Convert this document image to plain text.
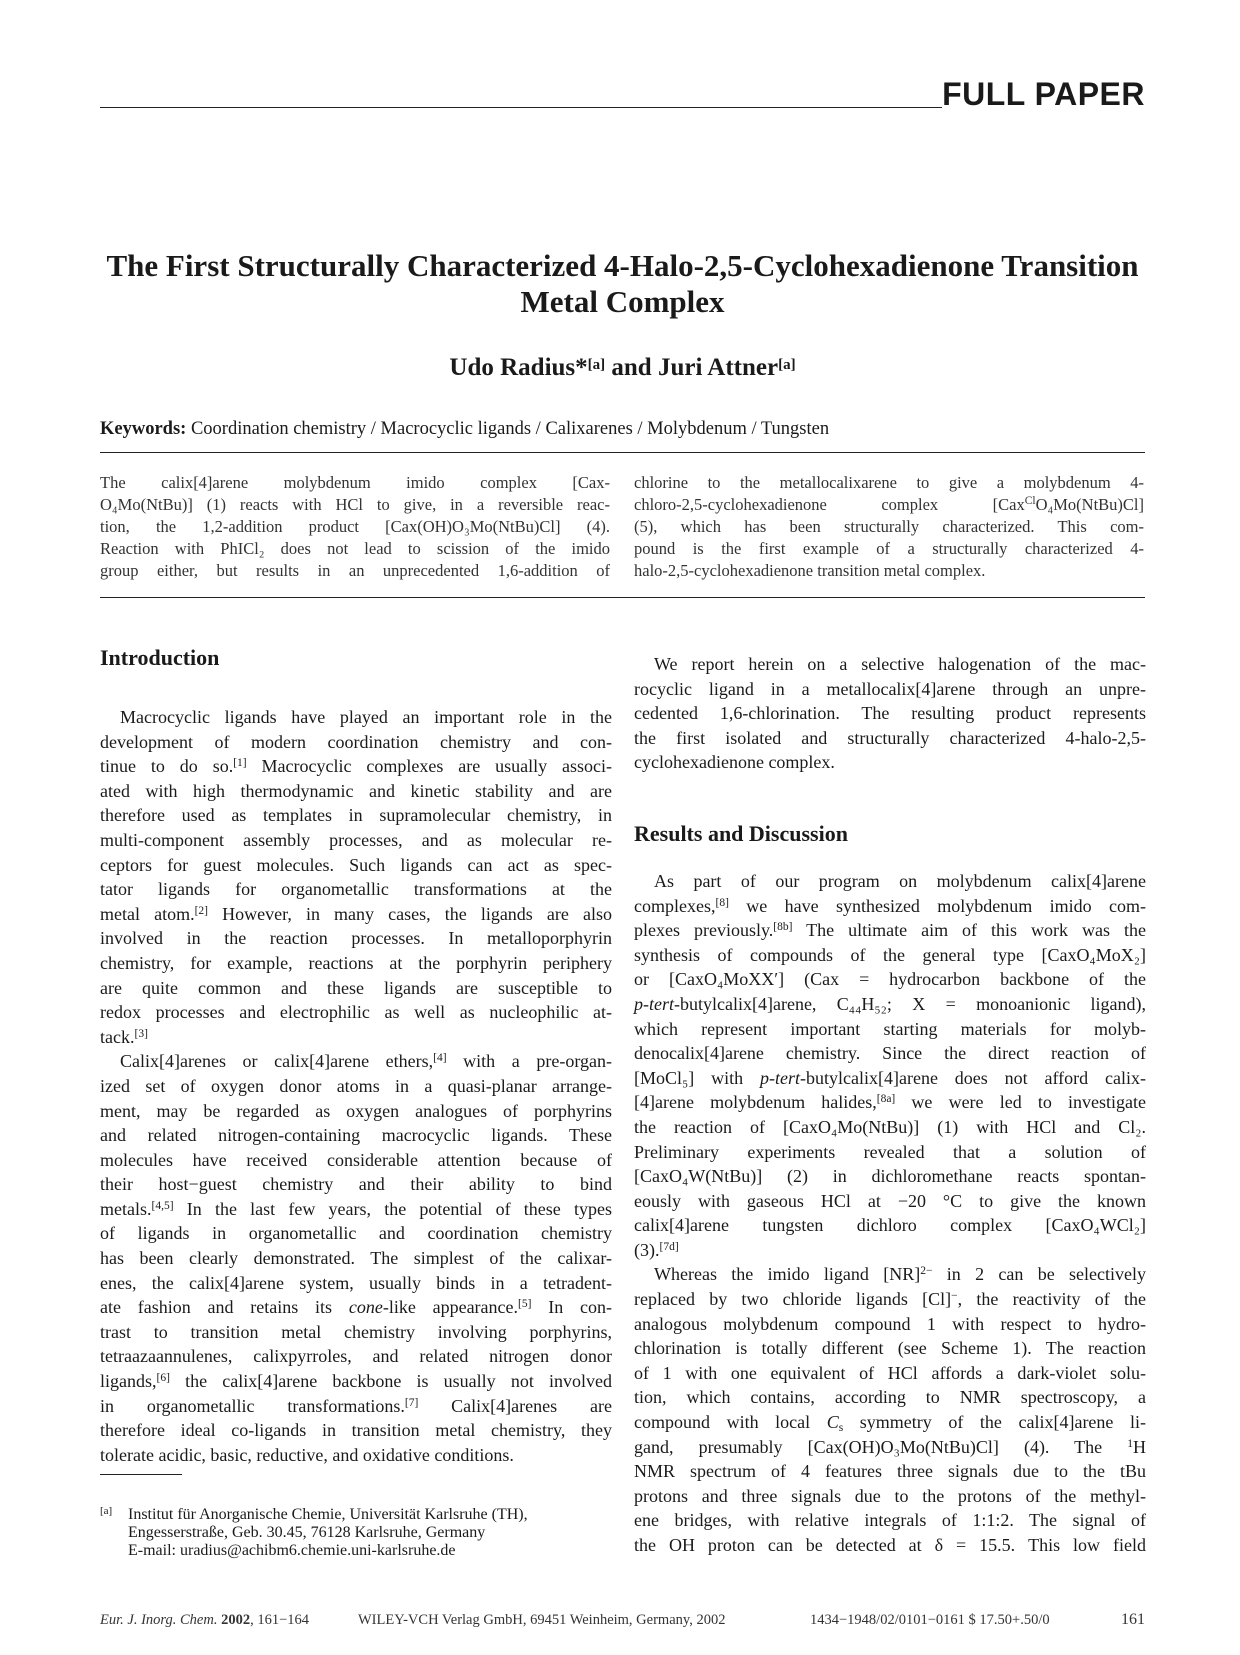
FULL PAPER
The First Structurally Characterized 4-Halo-2,5-Cyclohexadienone Transition Metal Complex
Udo Radius*[a] and Juri Attner[a]
Keywords: Coordination chemistry / Macrocyclic ligands / Calixarenes / Molybdenum / Tungsten
The calix[4]arene molybdenum imido complex [Cax-
O₄Mo(NtBu)] (1) reacts with HCl to give, in a reversible reac-
tion, the 1,2-addition product [Cax(OH)O₃Mo(NtBu)Cl] (4).
Reaction with PhICl₂ does not lead to scission of the imido
group either, but results in an unprecedented 1,6-addition of
chlorine to the metallocalixarene to give a molybdenum 4-
chloro-2,5-cyclohexadienone complex [Cax$^{Cl}$O₄Mo(NtBu)Cl]
(5), which has been structurally characterized. This com-
pound is the first example of a structurally characterized 4-
halo-2,5-cyclohexadienone transition metal complex.
Introduction
Macrocyclic ligands have played an important role in the
development of modern coordination chemistry and con-
tinue to do so.[1] Macrocyclic complexes are usually associ-
ated with high thermodynamic and kinetic stability and are
therefore used as templates in supramolecular chemistry, in
multi-component assembly processes, and as molecular re-
ceptors for guest molecules. Such ligands can act as spec-
tator ligands for organometallic transformations at the
metal atom.[2] However, in many cases, the ligands are also
involved in the reaction processes. In metalloporphyrin
chemistry, for example, reactions at the porphyrin periphery
are quite common and these ligands are susceptible to
redox processes and electrophilic as well as nucleophilic at-
tack.[3]
Calix[4]arenes or calix[4]arene ethers,[4] with a pre-organ-
ized set of oxygen donor atoms in a quasi-planar arrange-
ment, may be regarded as oxygen analogues of porphyrins
and related nitrogen-containing macrocyclic ligands. These
molecules have received considerable attention because of
their host−guest chemistry and their ability to bind
metals.[4,5] In the last few years, the potential of these types
of ligands in organometallic and coordination chemistry
has been clearly demonstrated. The simplest of the calixar-
enes, the calix[4]arene system, usually binds in a tetradent-
ate fashion and retains its cone-like appearance.[5] In con-
trast to transition metal chemistry involving porphyrins,
tetraazaannulenes, calixpyrroles, and related nitrogen donor
ligands,[6] the calix[4]arene backbone is usually not involved
in organometallic transformations.[7] Calix[4]arenes are
therefore ideal co-ligands in transition metal chemistry, they
tolerate acidic, basic, reductive, and oxidative conditions.
We report herein on a selective halogenation of the mac-
rocyclic ligand in a metallocalix[4]arene through an unpre-
cedented 1,6-chlorination. The resulting product represents
the first isolated and structurally characterized 4-halo-2,5-
cyclohexadienone complex.
Results and Discussion
As part of our program on molybdenum calix[4]arene
complexes,[8] we have synthesized molybdenum imido com-
plexes previously.[8b] The ultimate aim of this work was the
synthesis of compounds of the general type [CaxO₄MoX₂]
or [CaxO₄MoXX′] (Cax = hydrocarbon backbone of the
p-tert-butylcalix[4]arene, C₄₄H₅₂; X = monoanionic ligand),
which represent important starting materials for molyb-
denocalix[4]arene chemistry. Since the direct reaction of
[MoCl₅] with p-tert-butylcalix[4]arene does not afford calix-
[4]arene molybdenum halides,[8a] we were led to investigate
the reaction of [CaxO₄Mo(NtBu)] (1) with HCl and Cl₂.
Preliminary experiments revealed that a solution of
[CaxO₄W(NtBu)] (2) in dichloromethane reacts spontan-
eously with gaseous HCl at −20 °C to give the known
calix[4]arene tungsten dichloro complex [CaxO₄WCl₂]
(3).[7d]
Whereas the imido ligand [NR]$^{2-}$ in 2 can be selectively
replaced by two chloride ligands [Cl]−, the reactivity of the
analogous molybdenum compound 1 with respect to hydro-
chlorination is totally different (see Scheme 1). The reaction
of 1 with one equivalent of HCl affords a dark-violet solu-
tion, which contains, according to NMR spectroscopy, a
compound with local $C_s$ symmetry of the calix[4]arene li-
gand, presumably [Cax(OH)O₃Mo(NtBu)Cl] (4). The $^1$H
NMR spectrum of 4 features three signals due to the tBu
protons and three signals due to the protons of the methyl-
ene bridges, with relative integrals of 1:1:2. The signal of
the OH proton can be detected at δ = 15.5. This low field
[a] Institut für Anorganische Chemie, Universität Karlsruhe (TH),
Engesserstraße, Geb. 30.45, 76128 Karlsruhe, Germany
E-mail: uradius@achibm6.chemie.uni-karlsruhe.de
Eur. J. Inorg. Chem. 2002 , 161−164	WILEY-VCH Verlag GmbH, 69451 Weinheim, Germany, 2002	1434−1948/02/0101−0161 $ 17.50+.50/0	161
